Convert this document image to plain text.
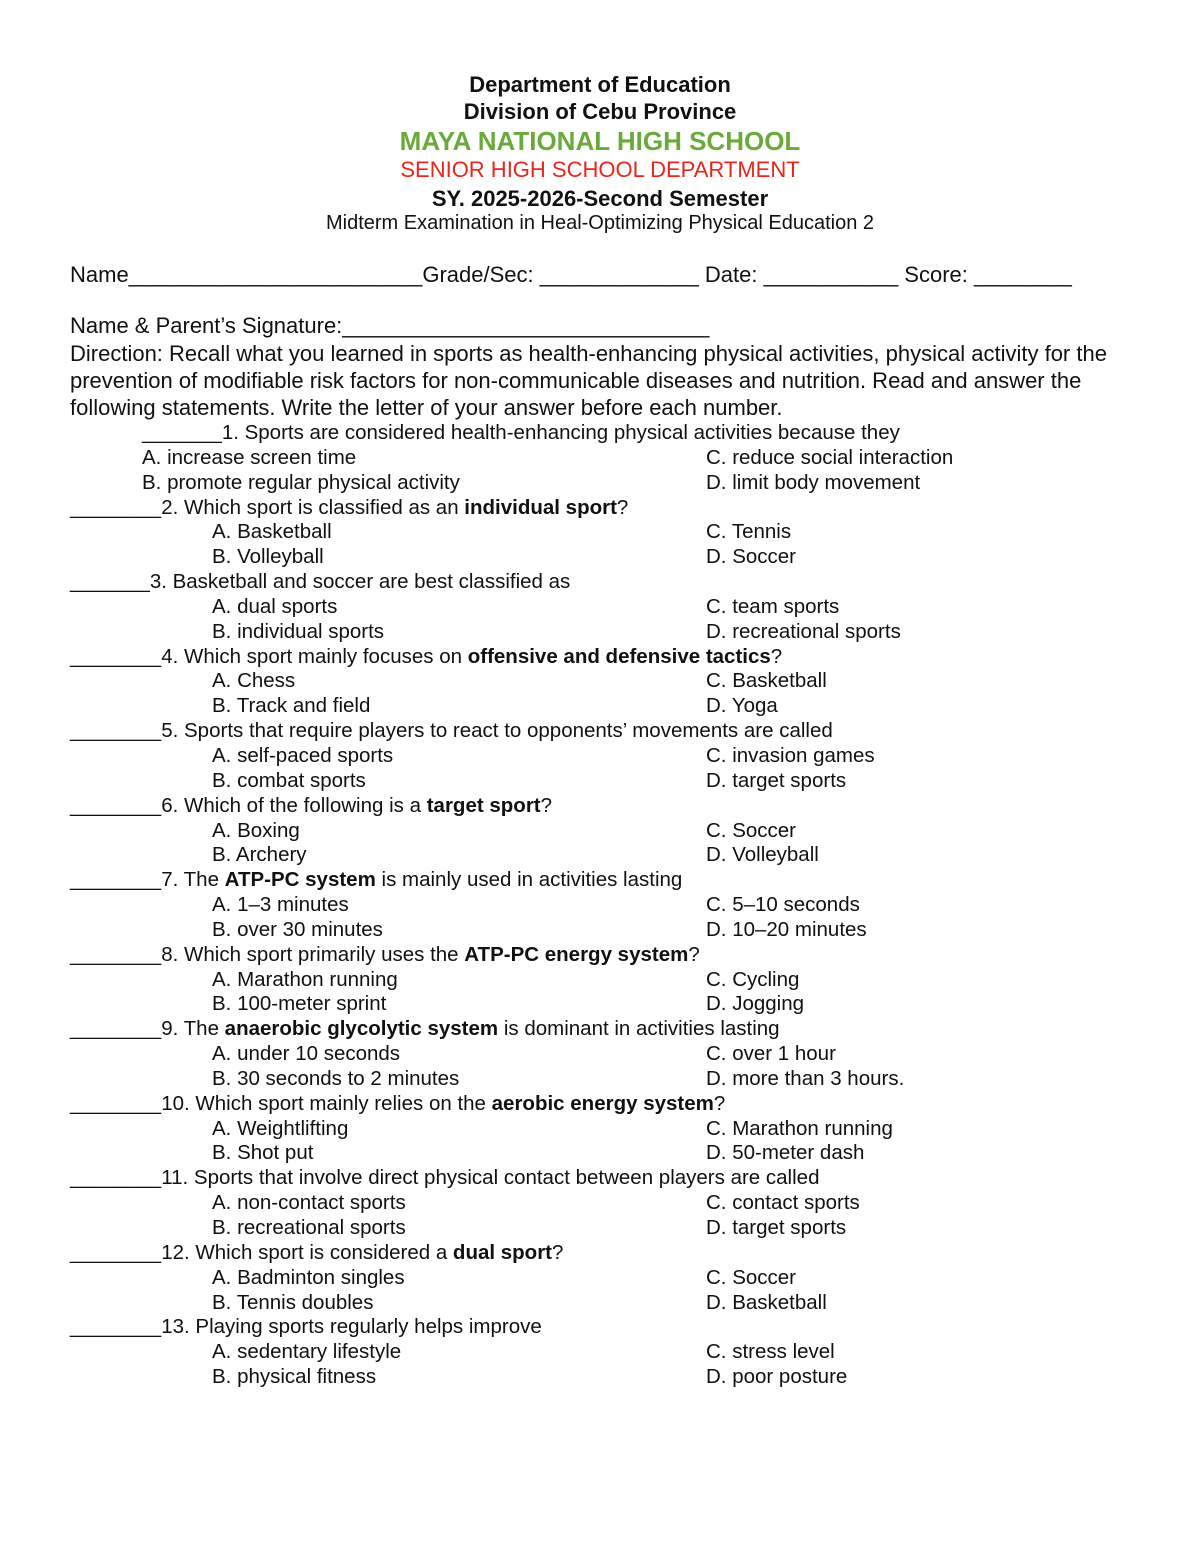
Department of Education
Division of Cebu Province
MAYA NATIONAL HIGH SCHOOL
SENIOR HIGH SCHOOL DEPARTMENT
SY. 2025-2026-Second Semester
Midterm Examination in Heal-Optimizing Physical Education 2
Name________________________Grade/Sec: _____________ Date: ___________ Score: ________
Name & Parent’s Signature:______________________________
Direction: Recall what you learned in sports as health-enhancing physical activities, physical activity for the prevention of modifiable risk factors for non-communicable diseases and nutrition. Read and answer the following statements. Write the letter of your answer before each number.
_______1. Sports are considered health-enhancing physical activities because they
A. increase screen time	C. reduce social interaction
B. promote regular physical activity	D. limit body movement
________2. Which sport is classified as an individual sport?
A. Basketball	C. Tennis
B. Volleyball	D. Soccer
_______3. Basketball and soccer are best classified as
A. dual sports	C. team sports
B. individual sports	D. recreational sports
________4. Which sport mainly focuses on offensive and defensive tactics?
A. Chess	C. Basketball
B. Track and field	D. Yoga
________5. Sports that require players to react to opponents’ movements are called
A. self-paced sports	C. invasion games
B. combat sports	D. target sports
________6. Which of the following is a target sport?
A. Boxing	C. Soccer
B. Archery	D. Volleyball
________7. The ATP-PC system is mainly used in activities lasting
A. 1–3 minutes	C. 5–10 seconds
B. over 30 minutes	D. 10–20 minutes
________8. Which sport primarily uses the ATP-PC energy system?
A. Marathon running	C. Cycling
B. 100-meter sprint	D. Jogging
________9. The anaerobic glycolytic system is dominant in activities lasting
A. under 10 seconds	C. over 1 hour
B. 30 seconds to 2 minutes	D. more than 3 hours.
________10. Which sport mainly relies on the aerobic energy system?
A. Weightlifting	C. Marathon running
B. Shot put	D. 50-meter dash
________11. Sports that involve direct physical contact between players are called
A. non-contact sports	C. contact sports
B. recreational sports	D. target sports
________12. Which sport is considered a dual sport?
A. Badminton singles	C. Soccer
B. Tennis doubles	D. Basketball
________13. Playing sports regularly helps improve
A. sedentary lifestyle	C. stress level
B. physical fitness	D. poor posture
